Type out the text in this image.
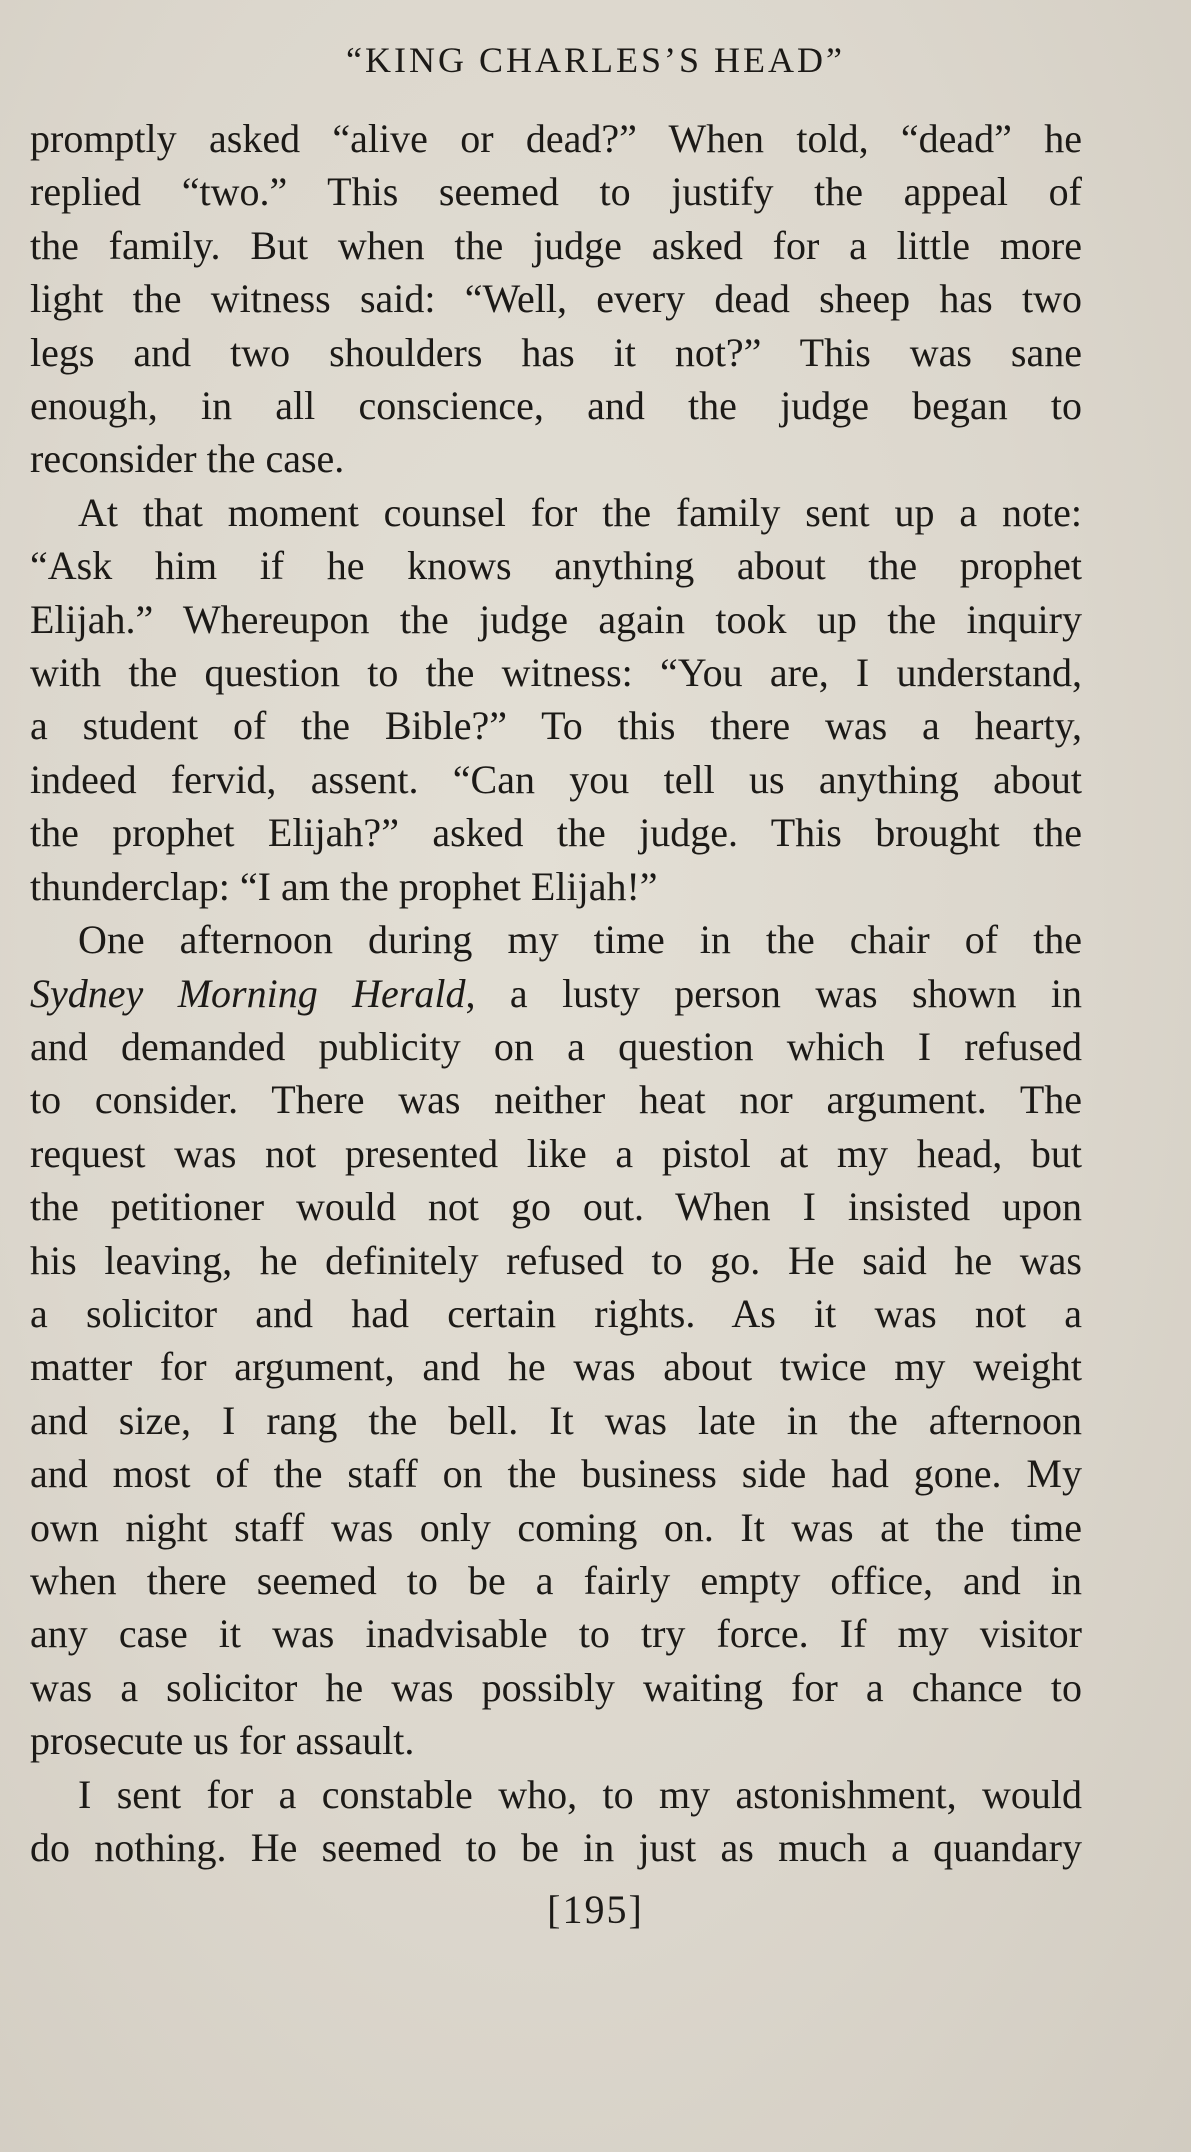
“KING CHARLES’S HEAD”
promptly asked “alive or dead?” When told, “dead” he
replied “two.” This seemed to justify the appeal of
the family. But when the judge asked for a little more
light the witness said: “Well, every dead sheep has two
legs and two shoulders has it not?” This was sane
enough, in all conscience, and the judge began to
reconsider the case.
At that moment counsel for the family sent up a note:
“Ask him if he knows anything about the prophet
Elijah.” Whereupon the judge again took up the inquiry
with the question to the witness: “You are, I understand,
a student of the Bible?” To this there was a hearty,
indeed fervid, assent. “Can you tell us anything about
the prophet Elijah?” asked the judge. This brought the
thunderclap: “I am the prophet Elijah!”
One afternoon during my time in the chair of the
Sydney Morning Herald, a lusty person was shown in
and demanded publicity on a question which I refused
to consider. There was neither heat nor argument. The
request was not presented like a pistol at my head, but
the petitioner would not go out. When I insisted upon
his leaving, he definitely refused to go. He said he was
a solicitor and had certain rights. As it was not a
matter for argument, and he was about twice my weight
and size, I rang the bell. It was late in the afternoon
and most of the staff on the business side had gone. My
own night staff was only coming on. It was at the time
when there seemed to be a fairly empty office, and in
any case it was inadvisable to try force. If my visitor
was a solicitor he was possibly waiting for a chance to
prosecute us for assault.
I sent for a constable who, to my astonishment, would
do nothing. He seemed to be in just as much a quandary
[195]
